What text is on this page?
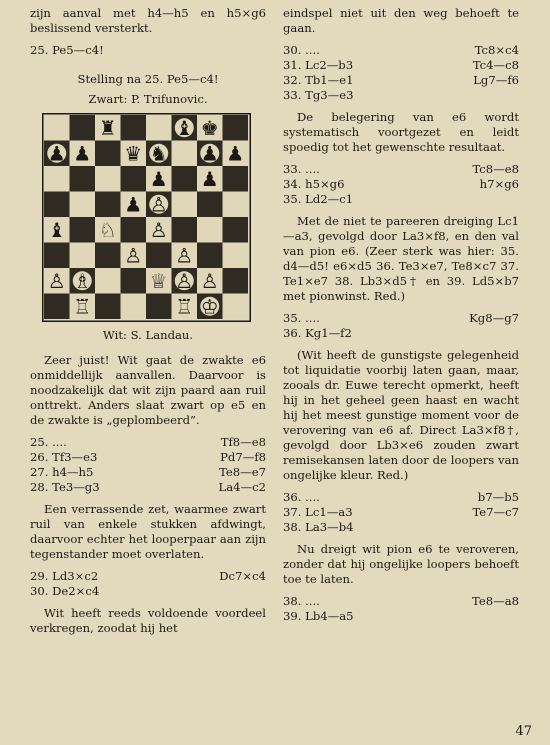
zijn aanval met h4—h5 en h5×g6 beslissend versterkt.

25. Pe5—c4!

Stelling na 25. Pe5—c4!

Zwart: P. Trifunovic.

♜	♝ ♚
♟ ♟ ♛ ♞ ♟ ♟
♟ ♟
♟ ♙
♝ ♘ ♙
♙ ♙
♙ ♗	♕ ♙ ♙
♖	♖ ♔

Wit: S. Landau.

Zeer juist! Wit gaat de zwakte e6 onmiddellijk aanvallen. Daarvoor is noodzakelijk dat wit zijn paard aan ruil onttrekt. Anders slaat zwart op e5 en de zwakte is „geplombeerd”.

25. ....	Tf8—e8
26. Tf3—e3	Pd7—f8
27. h4—h5	Te8—e7
28. Te3—g3	La4—c2

Een verrassende zet, waarmee zwart ruil van enkele stukken afdwingt, daarvoor echter het looperpaar aan zijn tegenstander moet overlaten.

29. Ld3×c2	Dc7×c4
30. De2×c4

Wit heeft reeds voldoende voordeel verkregen, zoodat hij het

eindspel niet uit den weg behoeft te gaan.

30. ....	Tc8×c4
31. Lc2—b3	Tc4—c8
32. Tb1—e1	Lg7—f6
33. Tg3—e3

De belegering van e6 wordt systematisch voortgezet en leidt spoedig tot het gewenschte resultaat.

33. ....	Tc8—e8
34. h5×g6	h7×g6
35. Ld2—c1

Met de niet te pareeren dreiging Lc1—a3, gevolgd door La3×f8, en den val van pion e6. (Zeer sterk was hier: 35. d4—d5! e6×d5 36. Te3×e7, Te8×c7 37. Te1×e7 38. Lb3×d5† en 39. Ld5×b7 met pionwinst. Red.)

35. ....	Kg8—g7
36. Kg1—f2

(Wit heeft de gunstigste gelegenheid tot liquidatie voorbij laten gaan, maar, zooals dr. Euwe terecht opmerkt, heeft hij in het geheel geen haast en wacht hij het meest gunstige moment voor de verovering van e6 af. Direct La3×f8†, gevolgd door Lb3×e6 zouden zwart remisekansen laten door de loopers van ongelijke kleur. Red.)

36. ....	b7—b5
37. Lc1—a3	Te7—c7
38. La3—b4

Nu dreigt wit pion e6 te veroveren, zonder dat hij ongelijke loopers behoeft toe te laten.

38. ....	Te8—a8
39. Lb4—a5
47
